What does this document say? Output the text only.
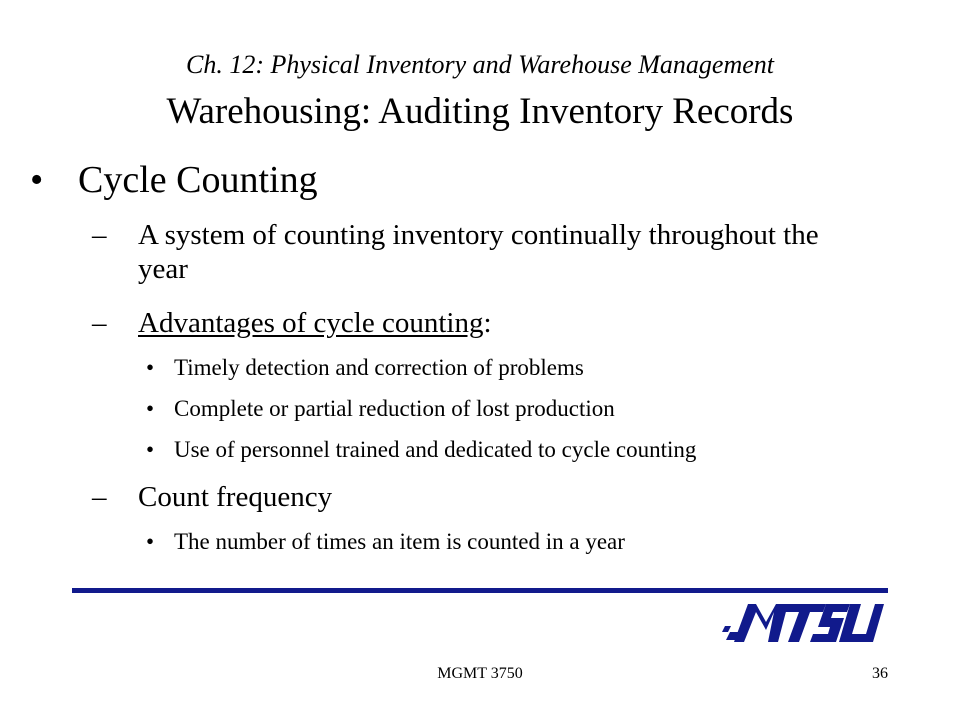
Ch. 12: Physical Inventory and Warehouse Management
Warehousing: Auditing Inventory Records
• Cycle Counting
– A system of counting inventory continually throughout the year
– Advantages of cycle counting:
• Timely detection and correction of problems
• Complete or partial reduction of lost production
• Use of personnel trained and dedicated to cycle counting
– Count frequency
• The number of times an item is counted in a year
MGMT 3750	36
